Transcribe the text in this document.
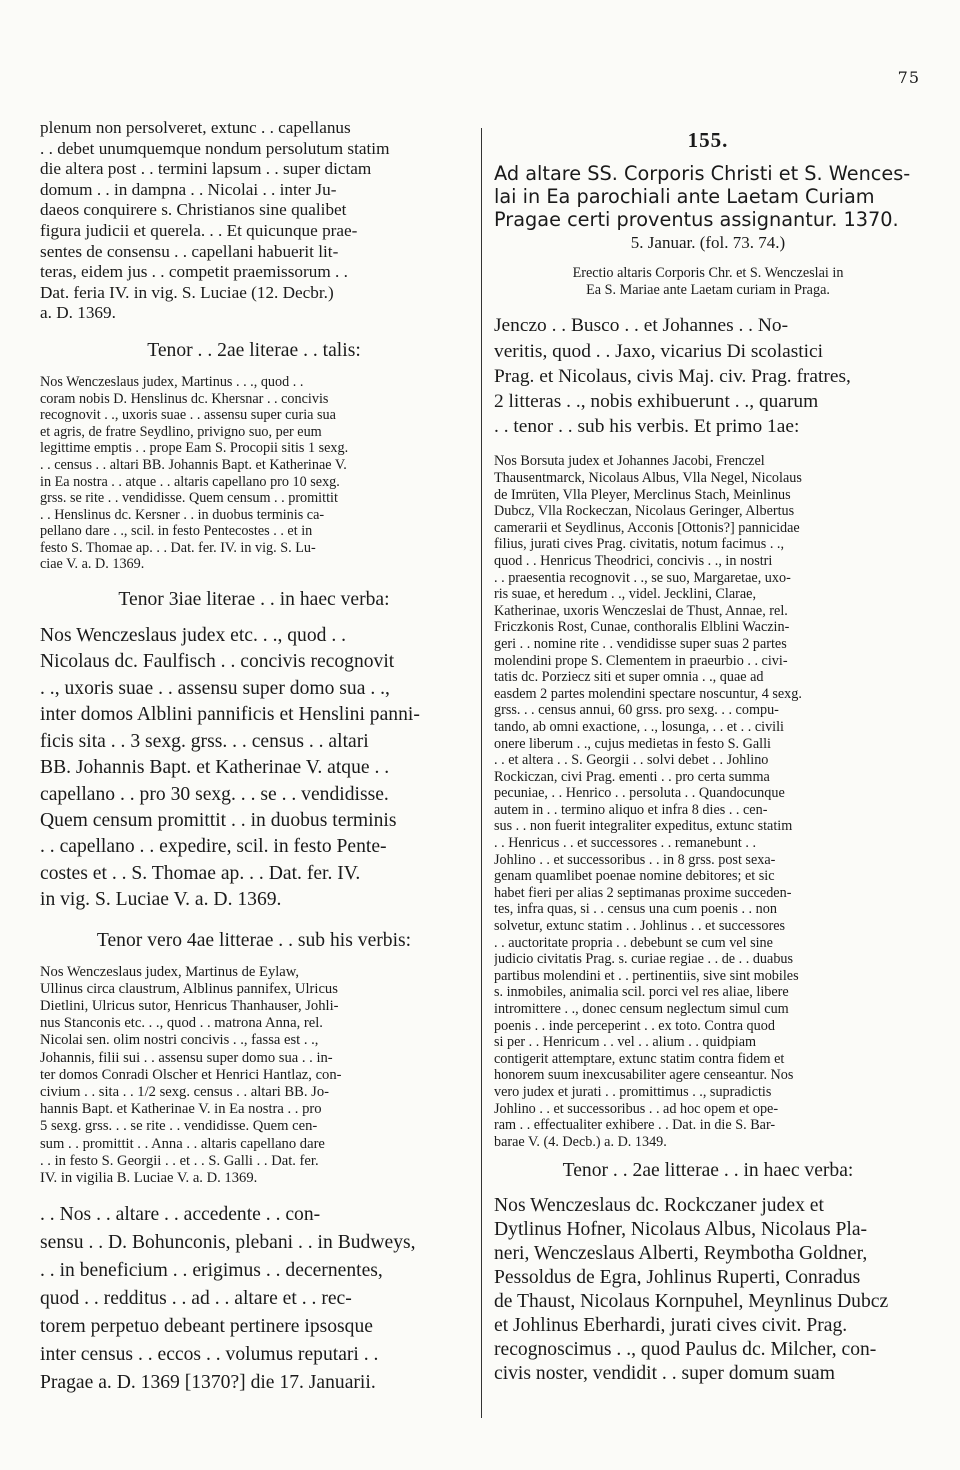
75
plenum non persolveret, extunc . . capellanus
. . debet unumquemque nondum persolutum statim
die altera post . . termini lapsum . . super dictam
domum . . in dampna . . Nicolai . . inter Ju-
daeos conquirere s. Christianos sine qualibet
figura judicii et querela. . . Et quicunque prae-
sentes de consensu . . capellani habuerit lit-
teras, eidem jus . . competit praemissorum . .
Dat. feria IV. in vig. S. Luciae (12. Decbr.)
a. D. 1369.
Tenor . . 2ae literae . . talis:
Nos Wenczeslaus judex, Martinus . . ., quod . .
coram nobis D. Henslinus dc. Khersnar . . concivis
recognovit . ., uxoris suae . . assensu super curia sua
et agris, de fratre Seydlino, privigno suo, per eum
legittime emptis . . prope Eam S. Procopii sitis 1 sexg.
. . census . . altari BB. Johannis Bapt. et Katherinae V.
in Ea nostra . . atque . . altaris capellano pro 10 sexg.
grss. se rite . . vendidisse. Quem censum . . promittit
. . Henslinus dc. Kersner . . in duobus terminis ca-
pellano dare . ., scil. in festo Pentecostes . . et in
festo S. Thomae ap. . . Dat. fer. IV. in vig. S. Lu-
ciae V. a. D. 1369.
Tenor 3iae literae . . in haec verba:
Nos Wenczeslaus judex etc. . ., quod . .
Nicolaus dc. Faulfisch . . concivis recognovit
. ., uxoris suae . . assensu super domo sua . .,
inter domos Alblini pannificis et Henslini panni-
ficis sita . . 3 sexg. grss. . . census . . altari
BB. Johannis Bapt. et Katherinae V. atque . .
capellano . . pro 30 sexg. . . se . . vendidisse.
Quem censum promittit . . in duobus terminis
. . capellano . . expedire, scil. in festo Pente-
costes et . . S. Thomae ap. . . Dat. fer. IV.
in vig. S. Luciae V. a. D. 1369.
Tenor vero 4ae litterae . . sub his verbis:
Nos Wenczeslaus judex, Martinus de Eylaw,
Ullinus circa claustrum, Alblinus pannifex, Ulricus
Dietlini, Ulricus sutor, Henricus Thanhauser, Johli-
nus Stanconis etc. . ., quod . . matrona Anna, rel.
Nicolai sen. olim nostri concivis . ., fassa est . .,
Johannis, filii sui . . assensu super domo sua . . in-
ter domos Conradi Olscher et Henrici Hantlaz, con-
civium . . sita . . 1/2 sexg. census . . altari BB. Jo-
hannis Bapt. et Katherinae V. in Ea nostra . . pro
5 sexg. grss. . . se rite . . vendidisse. Quem cen-
sum . . promittit . . Anna . . altaris capellano dare
. . in festo S. Georgii . . et . . S. Galli . . Dat. fer.
IV. in vigilia B. Luciae V. a. D. 1369.
. . Nos . . altare . . accedente . . con-
sensu . . D. Bohunconis, plebani . . in Budweys,
. . in beneficium . . erigimus . . decernentes,
quod . . redditus . . ad . . altare et . . rec-
torem perpetuo debeant pertinere ipsosque
inter census . . eccos . . volumus reputari . .
Pragae a. D. 1369 [1370?] die 17. Januarii.
155.
Ad altare SS. Corporis Christi et S. Wences-
lai in Ea parochiali ante Laetam Curiam
Pragae certi proventus assignantur. 1370.
5. Januar. (fol. 73. 74.)
Erectio altaris Corporis Chr. et S. Wenczeslai in
Ea S. Mariae ante Laetam curiam in Praga.
Jenczo . . Busco . . et Johannes . . No-
veritis, quod . . Jaxo, vicarius Di scolastici
Prag. et Nicolaus, civis Maj. civ. Prag. fratres,
2 litteras . ., nobis exhibuerunt . ., quarum
. . tenor . . sub his verbis. Et primo 1ae:
Nos Borsuta judex et Johannes Jacobi, Frenczel
Thausentmarck, Nicolaus Albus, Vlla Negel, Nicolaus
de Imrüten, Vlla Pleyer, Merclinus Stach, Meinlinus
Dubcz, Vlla Rockeczan, Nicolaus Geringer, Albertus
camerarii et Seydlinus, Acconis [Ottonis?] pannicidae
filius, jurati cives Prag. civitatis, notum facimus . .,
quod . . Henricus Theodrici, concivis . ., in nostri
. . praesentia recognovit . ., se suo, Margaretae, uxo-
ris suae, et heredum . ., videl. Jecklini, Clarae,
Katherinae, uxoris Wenczeslai de Thust, Annae, rel.
Friczkonis Rost, Cunae, conthoralis Elblini Waczin-
geri . . nomine rite . . vendidisse super suas 2 partes
molendini prope S. Clementem in praeurbio . . civi-
tatis dc. Porziecz siti et super omnia . ., quae ad
easdem 2 partes molendini spectare noscuntur, 4 sexg.
grss. . . census annui, 60 grss. pro sexg. . . compu-
tando, ab omni exactione, . ., losunga, . . et . . civili
onere liberum . ., cujus medietas in festo S. Galli
. . et altera . . S. Georgii . . solvi debet . . Johlino
Rockiczan, civi Prag. ementi . . pro certa summa
pecuniae, . . Henrico . . persoluta . . Quandocunque
autem in . . termino aliquo et infra 8 dies . . cen-
sus . . non fuerit integraliter expeditus, extunc statim
. . Henricus . . et successores . . remanebunt . .
Johlino . . et successoribus . . in 8 grss. post sexa-
genam quamlibet poenae nomine debitores; et sic
habet fieri per alias 2 septimanas proxime succeden-
tes, infra quas, si . . census una cum poenis . . non
solvetur, extunc statim . . Johlinus . . et successores
. . auctoritate propria . . debebunt se cum vel sine
judicio civitatis Prag. s. curiae regiae . . de . . duabus
partibus molendini et . . pertinentiis, sive sint mobiles
s. inmobiles, animalia scil. porci vel res aliae, libere
intromittere . ., donec censum neglectum simul cum
poenis . . inde perceperint . . ex toto. Contra quod
si per . . Henricum . . vel . . alium . . quidpiam
contigerit attemptare, extunc statim contra fidem et
honorem suum inexcusabiliter agere censeantur. Nos
vero judex et jurati . . promittimus . ., supradictis
Johlino . . et successoribus . . ad hoc opem et ope-
ram . . effectualiter exhibere . . Dat. in die S. Bar-
barae V. (4. Decb.) a. D. 1349.
Tenor . . 2ae litterae . . in haec verba:
Nos Wenczeslaus dc. Rockczaner judex et
Dytlinus Hofner, Nicolaus Albus, Nicolaus Pla-
neri, Wenczeslaus Alberti, Reymbotha Goldner,
Pessoldus de Egra, Johlinus Ruperti, Conradus
de Thaust, Nicolaus Kornpuhel, Meynlinus Dubcz
et Johlinus Eberhardi, jurati cives civit. Prag.
recognoscimus . ., quod Paulus dc. Milcher, con-
civis noster, vendidit . . super domum suam
